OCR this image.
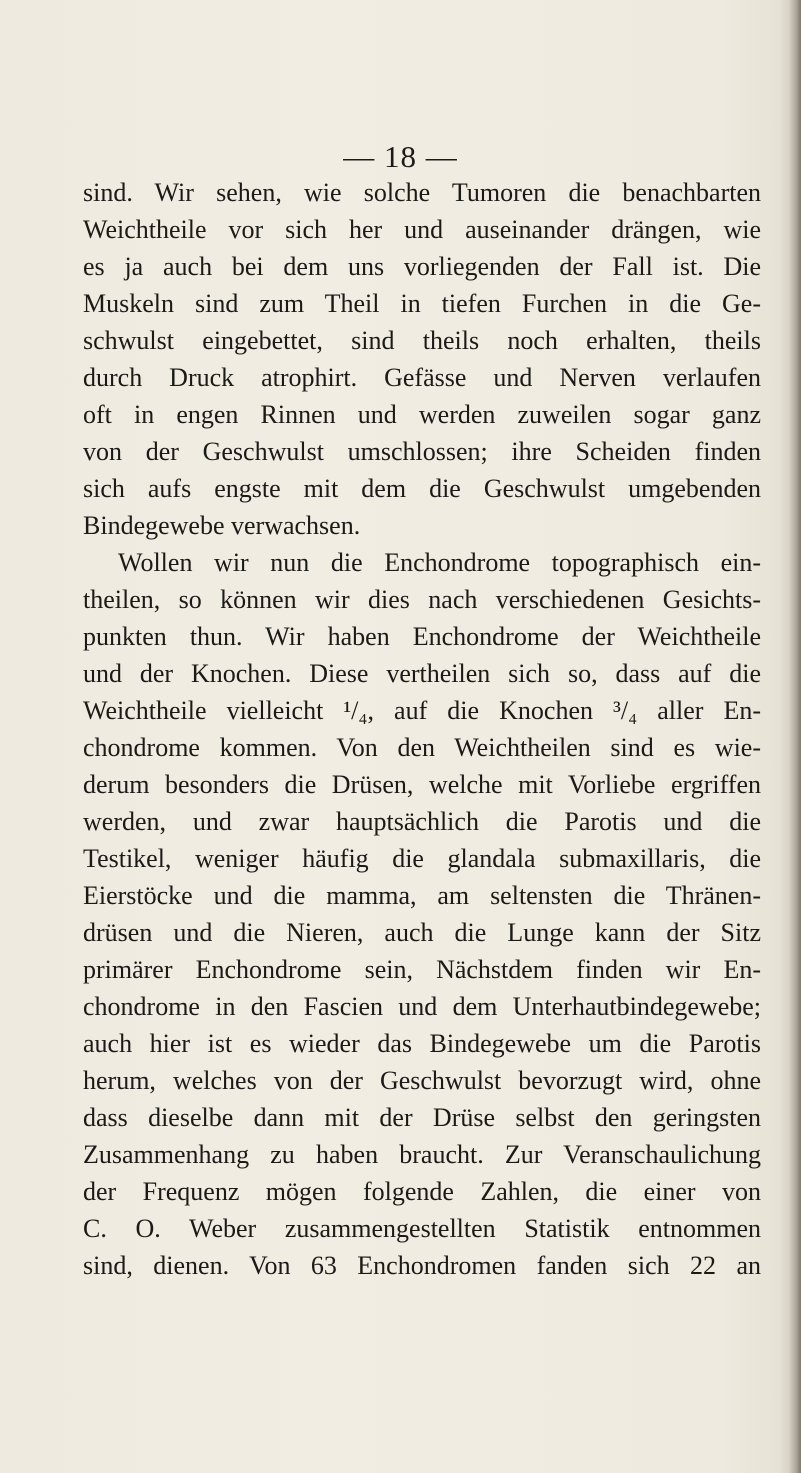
— 18 —
sind. Wir sehen, wie solche Tumoren die benachbarten
Weichtheile vor sich her und auseinander drängen, wie
es ja auch bei dem uns vorliegenden der Fall ist. Die
Muskeln sind zum Theil in tiefen Furchen in die Ge-
schwulst eingebettet, sind theils noch erhalten, theils
durch Druck atrophirt. Gefässe und Nerven verlaufen
oft in engen Rinnen und werden zuweilen sogar ganz
von der Geschwulst umschlossen; ihre Scheiden finden
sich aufs engste mit dem die Geschwulst umgebenden
Bindegewebe verwachsen.
Wollen wir nun die Enchondrome topographisch ein-
theilen, so können wir dies nach verschiedenen Gesichts-
punkten thun. Wir haben Enchondrome der Weichtheile
und der Knochen. Diese vertheilen sich so, dass auf die
Weichtheile vielleicht ¹/₄, auf die Knochen ³/₄ aller En-
chondrome kommen. Von den Weichtheilen sind es wie-
derum besonders die Drüsen, welche mit Vorliebe ergriffen
werden, und zwar hauptsächlich die Parotis und die
Testikel, weniger häufig die glandala submaxillaris, die
Eierstöcke und die mamma, am seltensten die Thränen-
drüsen und die Nieren, auch die Lunge kann der Sitz
primärer Enchondrome sein, Nächstdem finden wir En-
chondrome in den Fascien und dem Unterhautbindegewebe;
auch hier ist es wieder das Bindegewebe um die Parotis
herum, welches von der Geschwulst bevorzugt wird, ohne
dass dieselbe dann mit der Drüse selbst den geringsten
Zusammenhang zu haben braucht. Zur Veranschaulichung
der Frequenz mögen folgende Zahlen, die einer von
C. O. Weber zusammengestellten Statistik entnommen
sind, dienen. Von 63 Enchondromen fanden sich 22 an
